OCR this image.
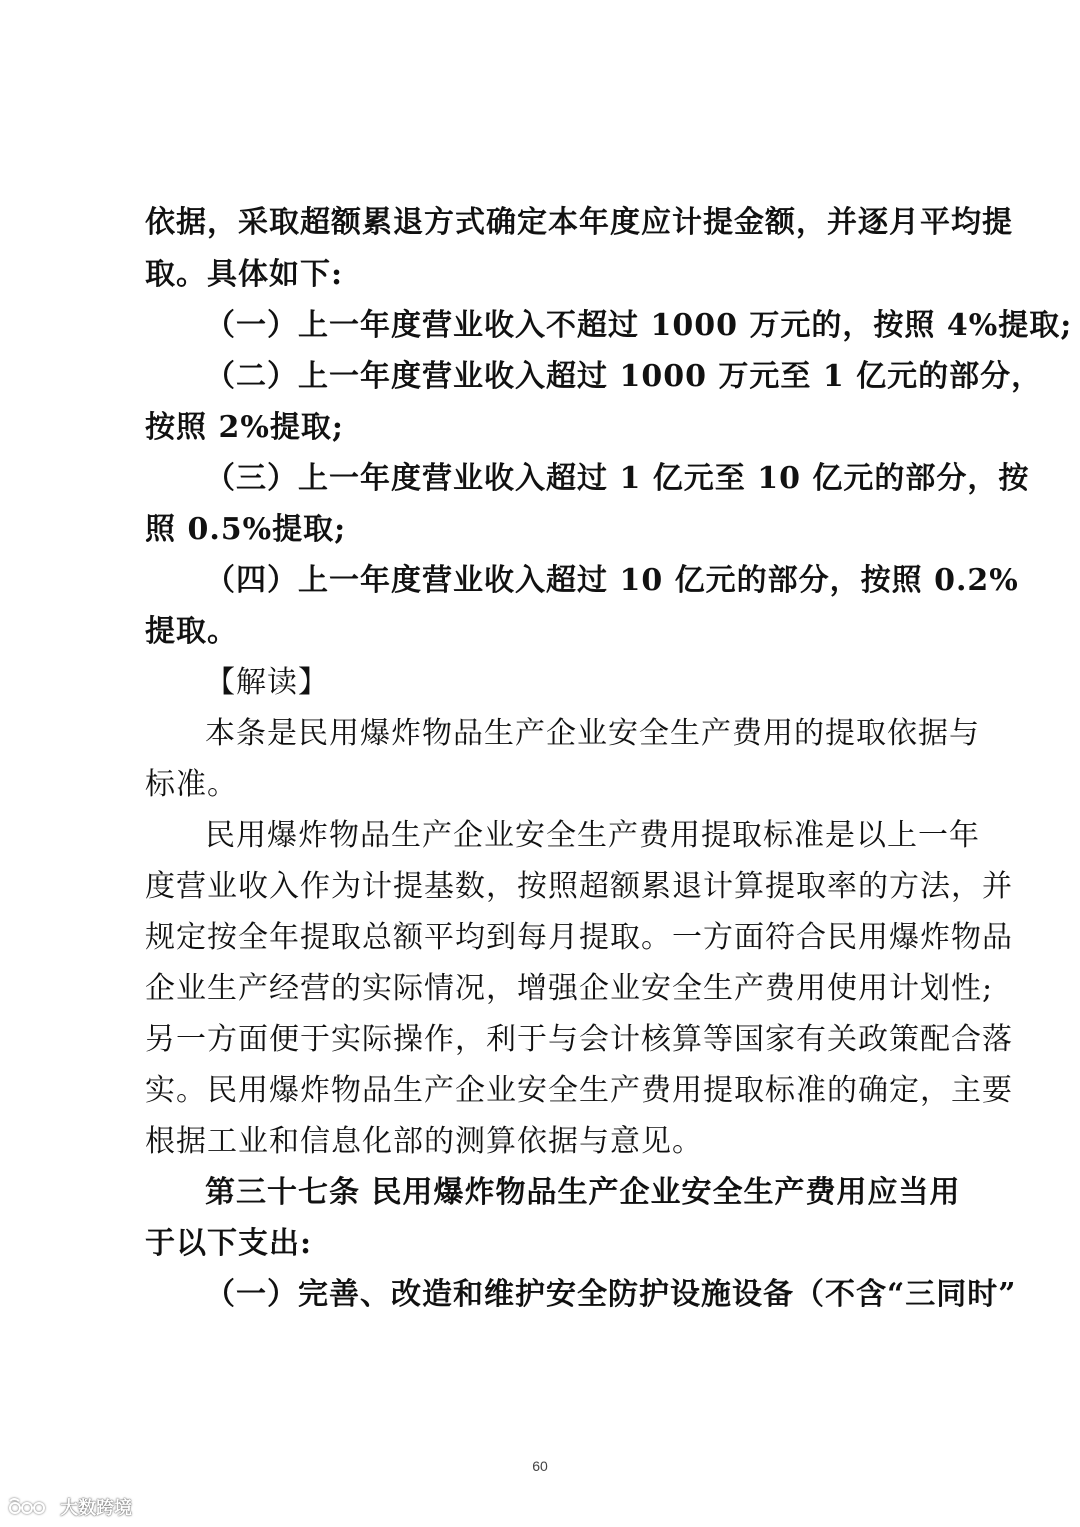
依据，采取超额累退方式确定本年度应计提金额，并逐月平均提
取。具体如下:
（一）上一年度营业收入不超过 1000 万元的，按照 4%提取;
（二）上一年度营业收入超过 1000 万元至 1 亿元的部分，
按照 2%提取;
（三）上一年度营业收入超过 1 亿元至 10 亿元的部分，按
照 0.5%提取;
（四）上一年度营业收入超过 10 亿元的部分，按照 0.2%
提取。
【解读】
本条是民用爆炸物品生产企业安全生产费用的提取依据与
标准。
民用爆炸物品生产企业安全生产费用提取标准是以上一年
度营业收入作为计提基数，按照超额累退计算提取率的方法，并
规定按全年提取总额平均到每月提取。一方面符合民用爆炸物品
企业生产经营的实际情况，增强企业安全生产费用使用计划性;
另一方面便于实际操作，利于与会计核算等国家有关政策配合落
实。民用爆炸物品生产企业安全生产费用提取标准的确定，主要
根据工业和信息化部的测算依据与意见。
第三十七条 民用爆炸物品生产企业安全生产费用应当用
于以下支出:
（一）完善、改造和维护安全防护设施设备（不含“三同时”
60
大数跨境
